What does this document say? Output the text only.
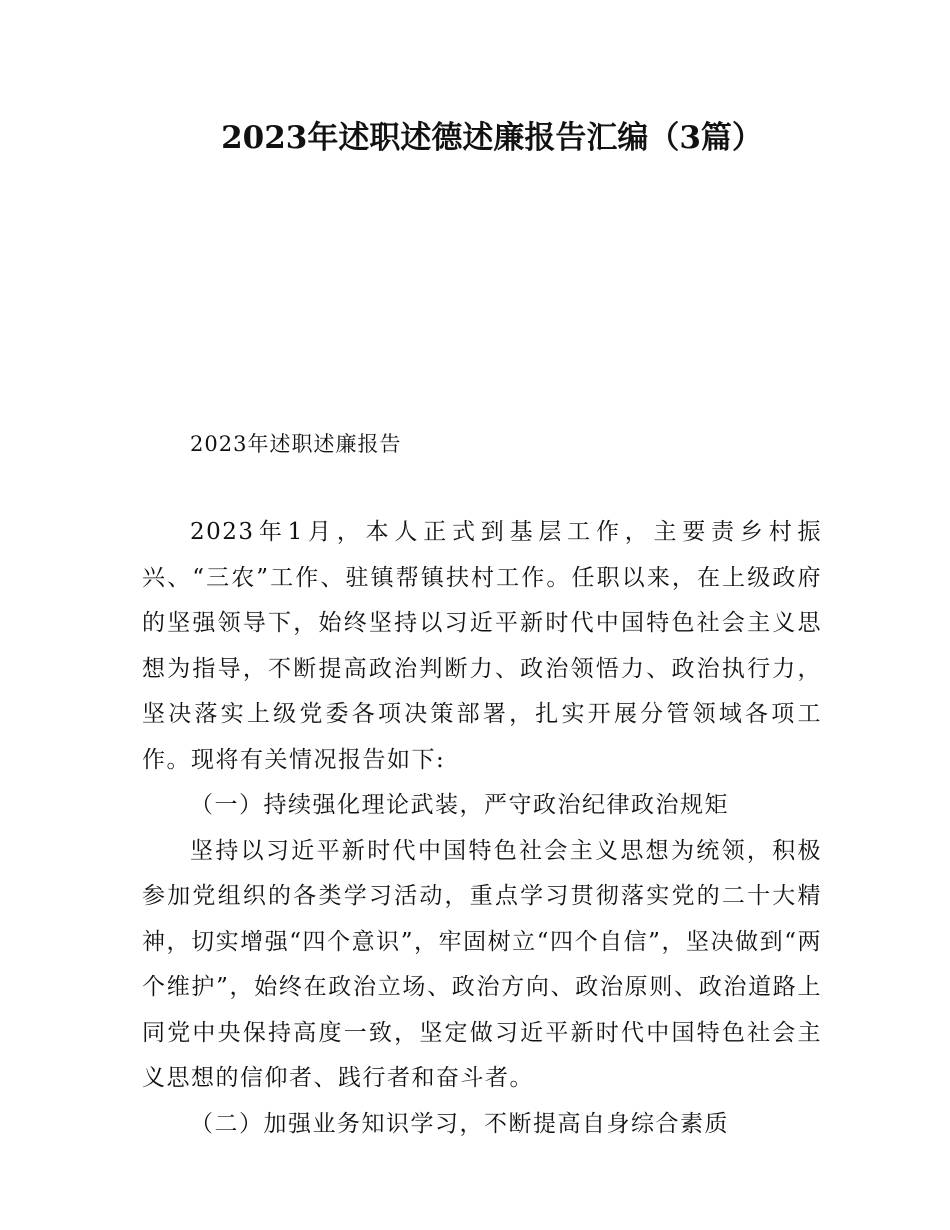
2023年述职述德述廉报告汇编（3篇）

2023年述职述廉报告

2023年1月，本人正式到基层工作，主要责乡村振兴、“三农”工作、驻镇帮镇扶村工作。任职以来，在上级政府的坚强领导下，始终坚持以习近平新时代中国特色社会主义思想为指导，不断提高政治判断力、政治领悟力、政治执行力，坚决落实上级党委各项决策部署，扎实开展分管领域各项工作。现将有关情况报告如下:

（一）持续强化理论武装，严守政治纪律政治规矩

坚持以习近平新时代中国特色社会主义思想为统领，积极参加党组织的各类学习活动，重点学习贯彻落实党的二十大精神，切实增强“四个意识”，牢固树立“四个自信”，坚决做到“两个维护”，始终在政治立场、政治方向、政治原则、政治道路上同党中央保持高度一致，坚定做习近平新时代中国特色社会主义思想的信仰者、践行者和奋斗者。

（二）加强业务知识学习，不断提高自身综合素质
